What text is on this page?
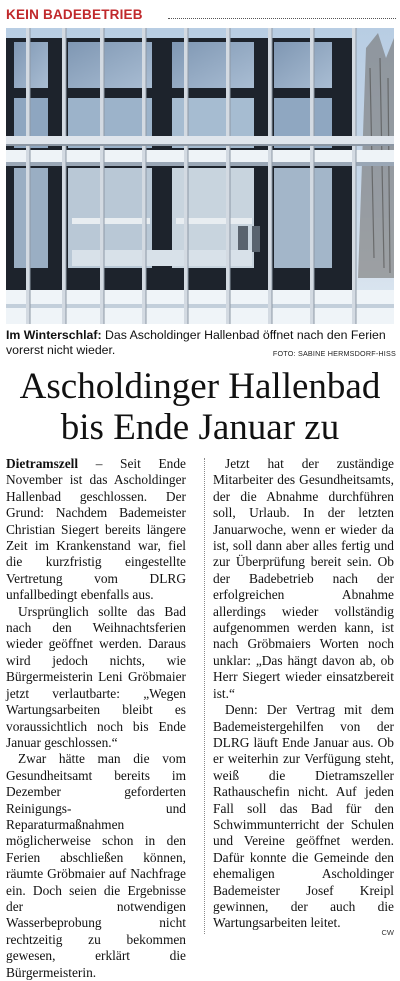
KEIN BADEBETRIEB
Im Winterschlaf: Das Ascholdinger Hallenbad öffnet nach den Ferien vorerst nicht wieder.	FOTO: SABINE HERMSDORF-HISS
Ascholdinger Hallenbad
bis Ende Januar zu

Dietramszell – Seit Ende November ist das Ascholdinger Hallenbad geschlossen. Der Grund: Nachdem Bademeister Christian Siegert bereits längere Zeit im Krankenstand war, fiel die kurzfristig eingestellte Vertretung vom DLRG unfallbedingt ebenfalls aus.

Ursprünglich sollte das Bad nach den Weihnachtsferien wieder geöffnet werden. Daraus wird jedoch nichts, wie Bürgermeisterin Leni Gröbmaier jetzt verlautbarte: „Wegen Wartungsarbeiten bleibt es voraussichtlich noch bis Ende Januar geschlossen.“

Zwar hätte man die vom Gesundheitsamt bereits im Dezember geforderten Reinigungs- und Reparaturmaßnahmen möglicherweise schon in den Ferien abschließen können, räumte Gröbmaier auf Nachfrage ein. Doch seien die Ergebnisse der notwendigen Wasserbeprobung nicht rechtzeitig zu bekommen gewesen, erklärt die Bürgermeisterin.

Jetzt hat der zuständige Mitarbeiter des Gesundheitsamts, der die Abnahme durchführen soll, Urlaub. In der letzten Januarwoche, wenn er wieder da ist, soll dann aber alles fertig und zur Überprüfung bereit sein. Ob der Badebetrieb nach der erfolgreichen Abnahme allerdings wieder vollständig aufgenommen werden kann, ist nach Gröbmaiers Worten noch unklar: „Das hängt davon ab, ob Herr Siegert wieder einsatzbereit ist.“

Denn: Der Vertrag mit dem Bademeistergehilfen von der DLRG läuft Ende Januar aus. Ob er weiterhin zur Verfügung steht, weiß die Dietramszeller Rathauschefin nicht. Auf jeden Fall soll das Bad für den Schwimmunterricht der Schulen und Vereine geöffnet werden. Dafür konnte die Gemeinde den ehemaligen Ascholdinger Bademeister Josef Kreipl gewinnen, der auch die Wartungsarbeiten leitet.

CW
